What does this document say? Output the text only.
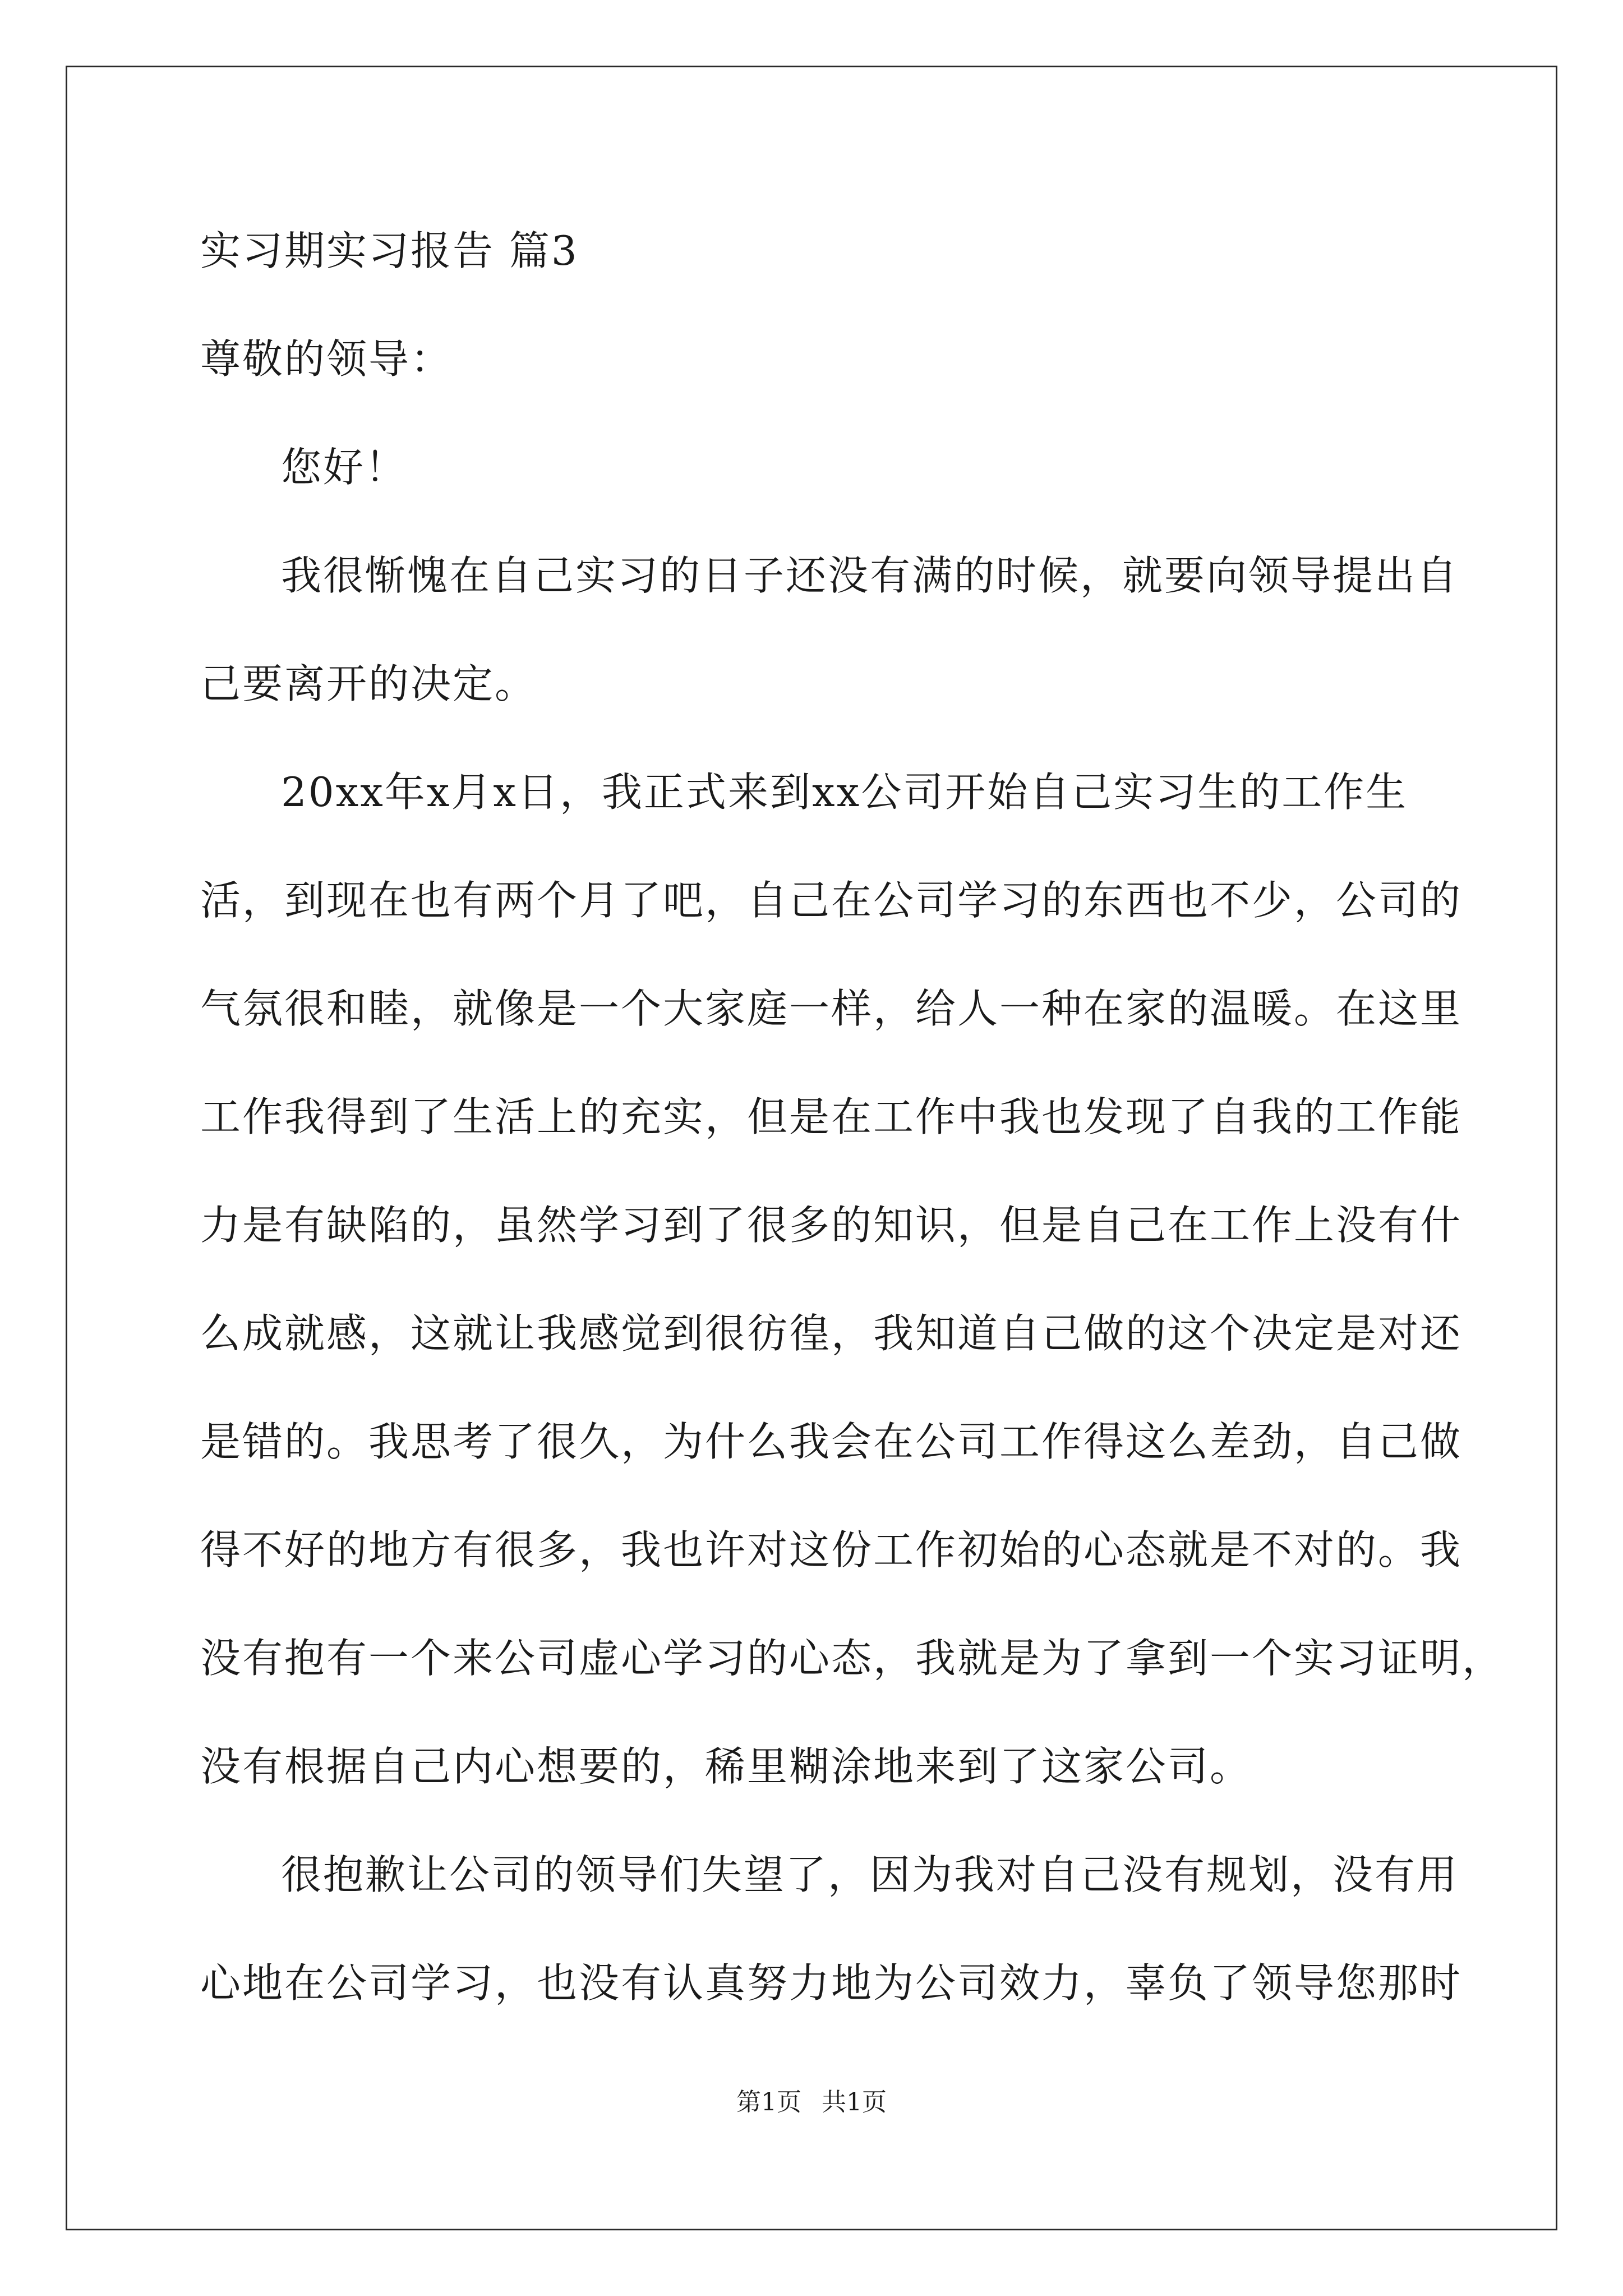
实习期实习报告 篇3
尊敬的领导：
您好！
我很惭愧在自己实习的日子还没有满的时候，就要向领导提出自
己要离开的决定。
20xx年x月x日，我正式来到xx公司开始自己实习生的工作生
活，到现在也有两个月了吧，自己在公司学习的东西也不少，公司的
气氛很和睦，就像是一个大家庭一样，给人一种在家的温暖。在这里
工作我得到了生活上的充实，但是在工作中我也发现了自我的工作能
力是有缺陷的，虽然学习到了很多的知识，但是自己在工作上没有什
么成就感，这就让我感觉到很彷徨，我知道自己做的这个决定是对还
是错的。我思考了很久，为什么我会在公司工作得这么差劲，自己做
得不好的地方有很多，我也许对这份工作初始的心态就是不对的。我
没有抱有一个来公司虚心学习的心态，我就是为了拿到一个实习证明，
没有根据自己内心想要的，稀里糊涂地来到了这家公司。
很抱歉让公司的领导们失望了，因为我对自己没有规划，没有用
心地在公司学习，也没有认真努力地为公司效力，辜负了领导您那时
第1页 共1页
